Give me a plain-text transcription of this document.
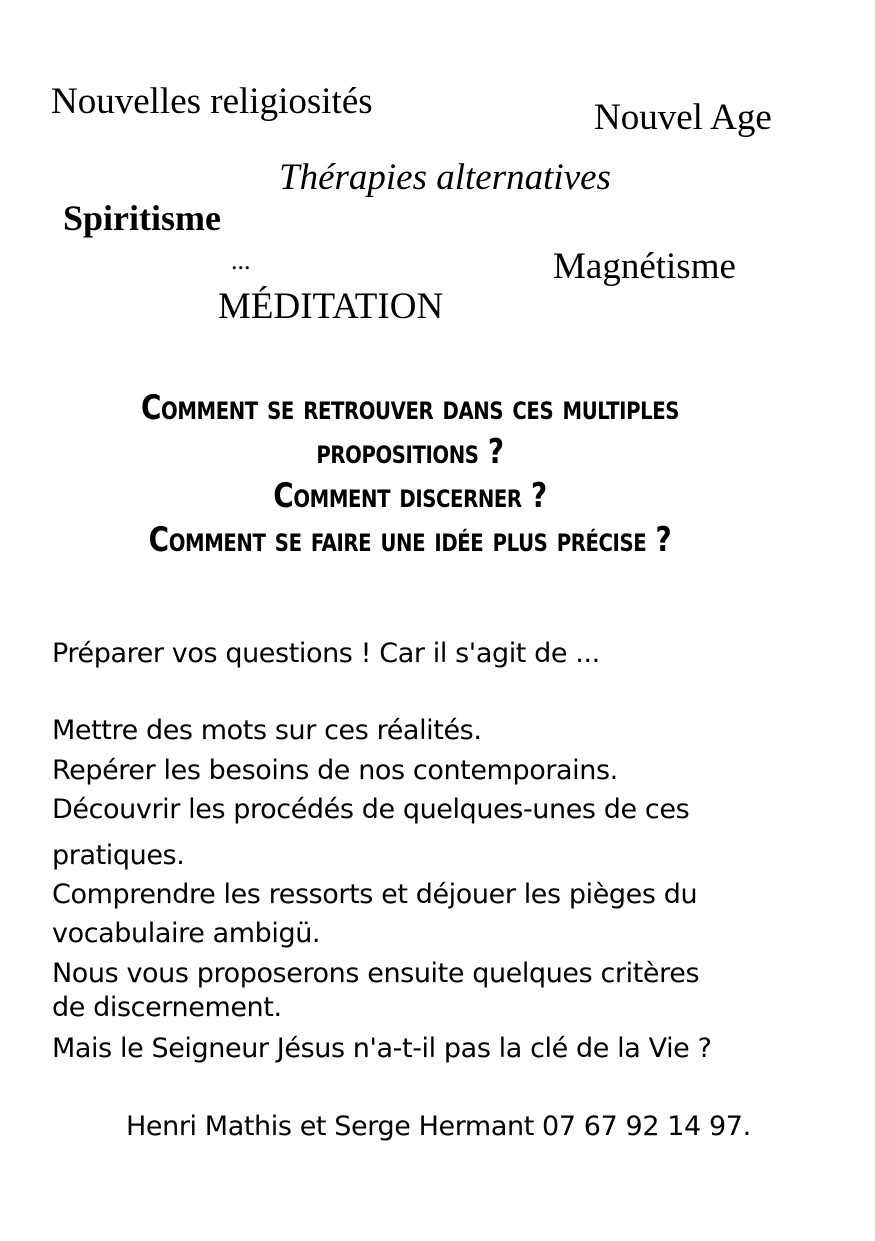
Nouvelles religiosités	Nouvel Age
Thérapies alternatives
Spiritisme
Magnétisme
...
MÉDITATION
Comment se retrouver dans ces multiples
propositions ?
Comment discerner ?
Comment se faire une idée plus précise ?
Préparer vos questions ! Car il s'agit de ...
Mettre des mots sur ces réalités.
Repérer les besoins de nos contemporains.
Découvrir les procédés de quelques-unes de ces
pratiques.
Comprendre les ressorts et déjouer les pièges du
vocabulaire ambigü.
Nous vous proposerons ensuite quelques critères
de discernement.
Mais le Seigneur Jésus n'a-t-il pas la clé de la Vie ?
Henri Mathis et Serge Hermant 07 67 92 14 97.
